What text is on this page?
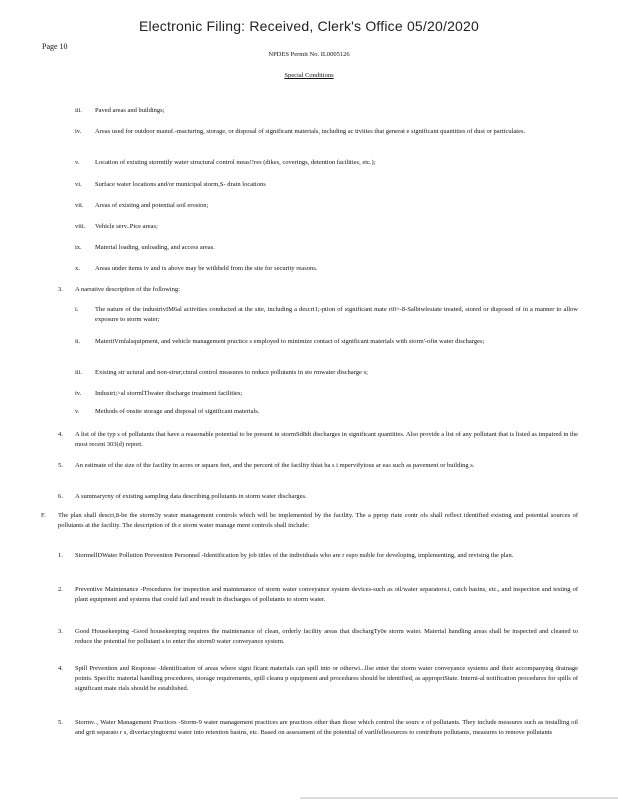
Electronic Filing: Received, Clerk's Office 05/20/2020
Page 10
NPDES Permit No. IL0005126
Special Conditions
iii.	Paved areas and buildings;
iv.	Areas used for outdoor manuf.-macturing, storage, or disposal of significant materials, including ac tivities that generat e significant quantities of dust or particulates.
v.	Location of existing stormttly water structural control meas!!res (dikes, coverings, detention facilities, etc.);
vi.	Surface water locations and/or municipal storm,S- drain locations
vii.	Areas of existing and potential soil erosion;
viii.	Vehicle serv..Pice areas;
ix.	Material loading, unloading, and access areas.
x.	Areas under items iv and ix above may be withheld from the site for security reasons.
3.	A narrative description of the following:
i.	The nature of the industrivIM6al activities conducted at the site, including a descri1;-ption of significant mate ri0>-8-Salbiwlesiate treated, stored or disposed of in a manner to allow exposure to storm water;
ii.	MateriiVmfalsquipment, and vehicle management practice s employed to minimize contact of significant materials with storm'-ofin water discharges;
iii.	Existing str uctural and non-strur;ctural control measures to reduce pollutants in sto rmwater discharge s;
iv.	Industri;>al stormlTlwater discharge treatment facilities;
v.	Methods of onsite storage and disposal of significant materials.
4.	A list of the typ s of pollutants that have a reasonable potential to be present in stormSd8dt discharges in significant quantities. Also provide a list of any pollutant that is listed as impaired in the most recent 303(d) report.
5.	An estimate of the size of the facility in acres or square feet, and the percent of the facility thiat ha s i mpervifyious ar eas such as pavement or building s.
6.	A summaryrny of existing sampling data describing pollutants in storm water discharges.
F.	The plan shall descri,8-be the storm3y water management controls which will be implemented by the facility. The a pprop riate contr ols shall reflect identified existing and potential sources of pollutants at the facility. The description of th e storm water manage ment controls shall include:
1.	StormellDWater Pollution Prevention Personnel -Identification by job titles of the individuals who are r espo nsible for developing, implementing, and revising the plan.
2.	Preventive Maintenance -Procedures for inspection and maintenance of storm water conveyance system devices-such as oil/water separators.i, catch basins, etc., and inspection and testing of plant equipment and systems that could fail and result in discharges of pollutants to storm water.
3.	Good Housekeeping -Good housekeeping requires the maintenance of clean, orderly facility areas that dischargTy0e storm water. Material handling areas shall be inspected and cleaned to reduce the potential for pollutant s to enter the storm0 water conveyance system.
4.	Spill Prevention and Response -Identification of areas where signi ficant materials can spill into or otherwi...llse enter the storm water conveyance systems and their accompanying drainage points. Specific material handling procedures, storage requirements, spill cleanu p equipment and procedures should be identified, as appropriState. Interni-al notification procedures for spills of significant mate rials should be established.
5.	Stormv.., Water Management Practices -Storm-9 water management practices are practices other than those which control the sourc e of pollutants. They include measures such as installing oil and grit separato r s, divertacyingtormi water into retention basins, etc. Based on assessment of the potential of varilfellesources to contribute pollutants, measures to remove pollutants
